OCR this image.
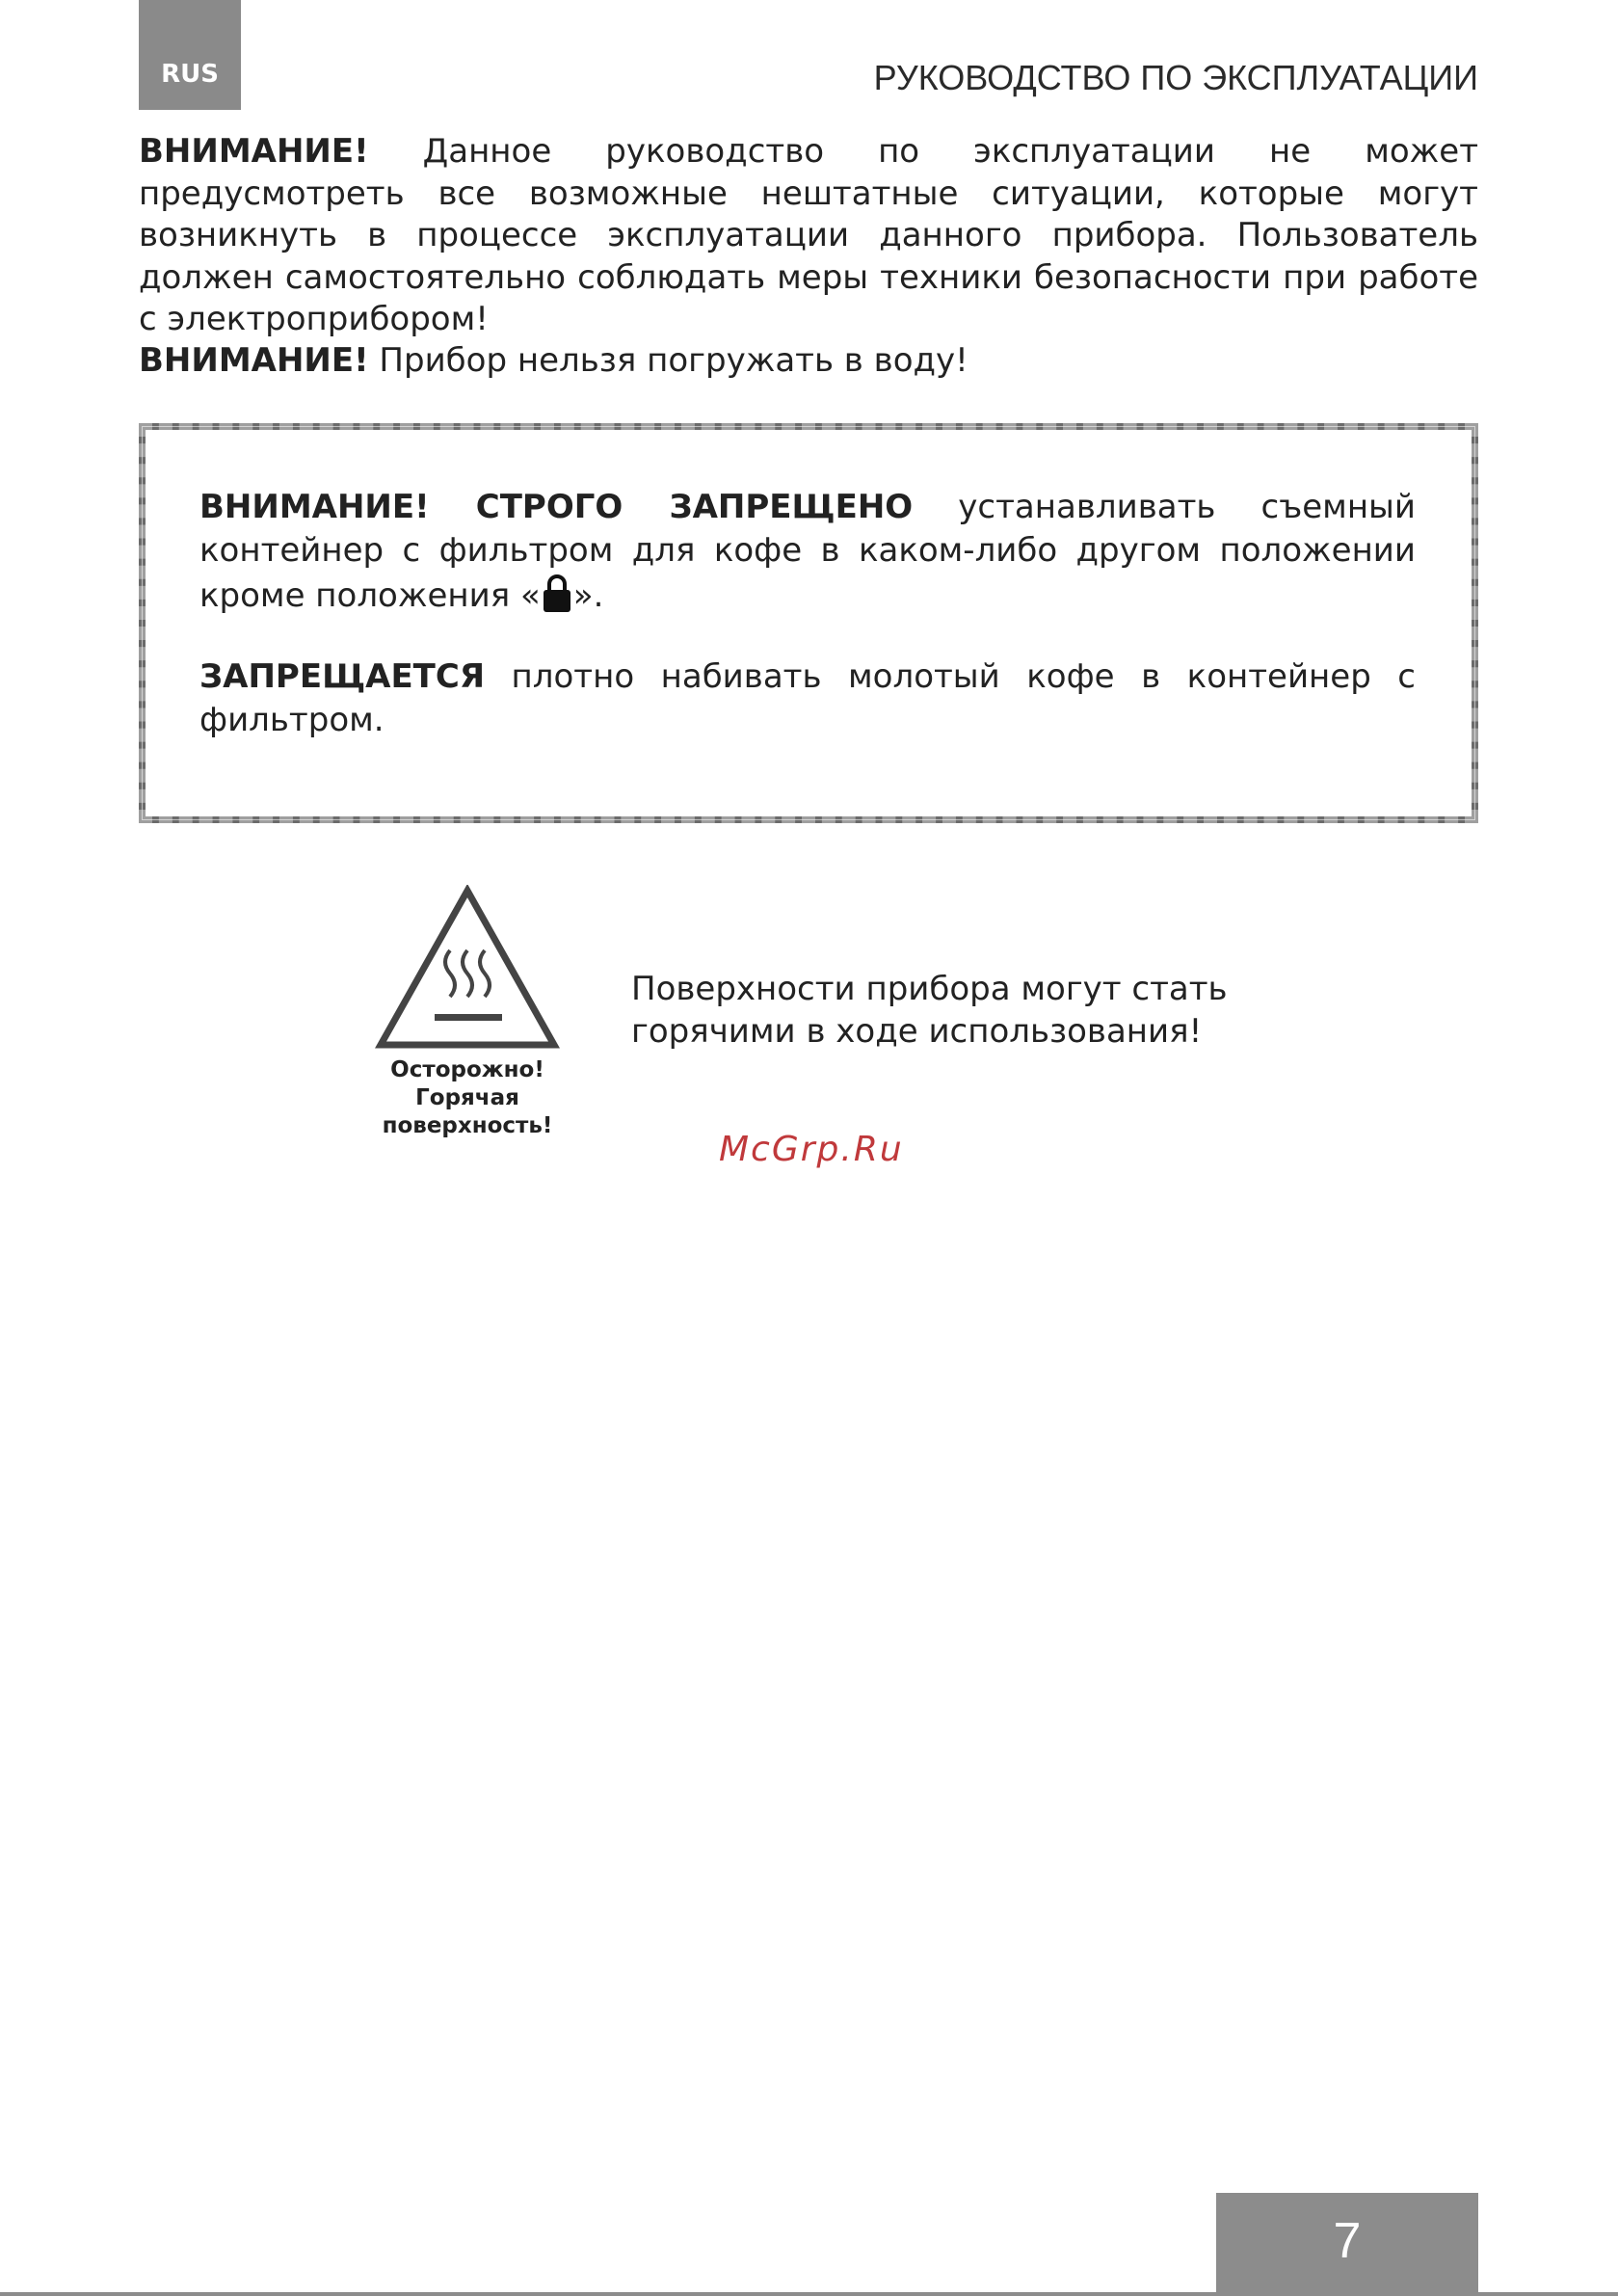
RUS	РУКОВОДСТВО ПО ЭКСПЛУАТАЦИИ

ВНИМАНИЕ! Данное руководство по эксплуатации не может предусмотреть все возможные нештатные ситуации, которые могут возникнуть в процессе эксплуатации данного прибора. Пользователь должен самостоятельно соблюдать меры техники безопасности при работе с электроприбором!

ВНИМАНИЕ! Прибор нельзя погружать в воду!

ВНИМАНИЕ! СТРОГО ЗАПРЕЩЕНО устанавливать съемный контейнер с фильтром для кофе в каком-либо другом положении кроме положения « ».

ЗАПРЕЩАЕТСЯ плотно набивать молотый кофе в контейнер с фильтром.

Осторожно!
Горячая
поверхность!

Поверхности прибора могут стать горячими в ходе использования!

McGrp.Ru
7
